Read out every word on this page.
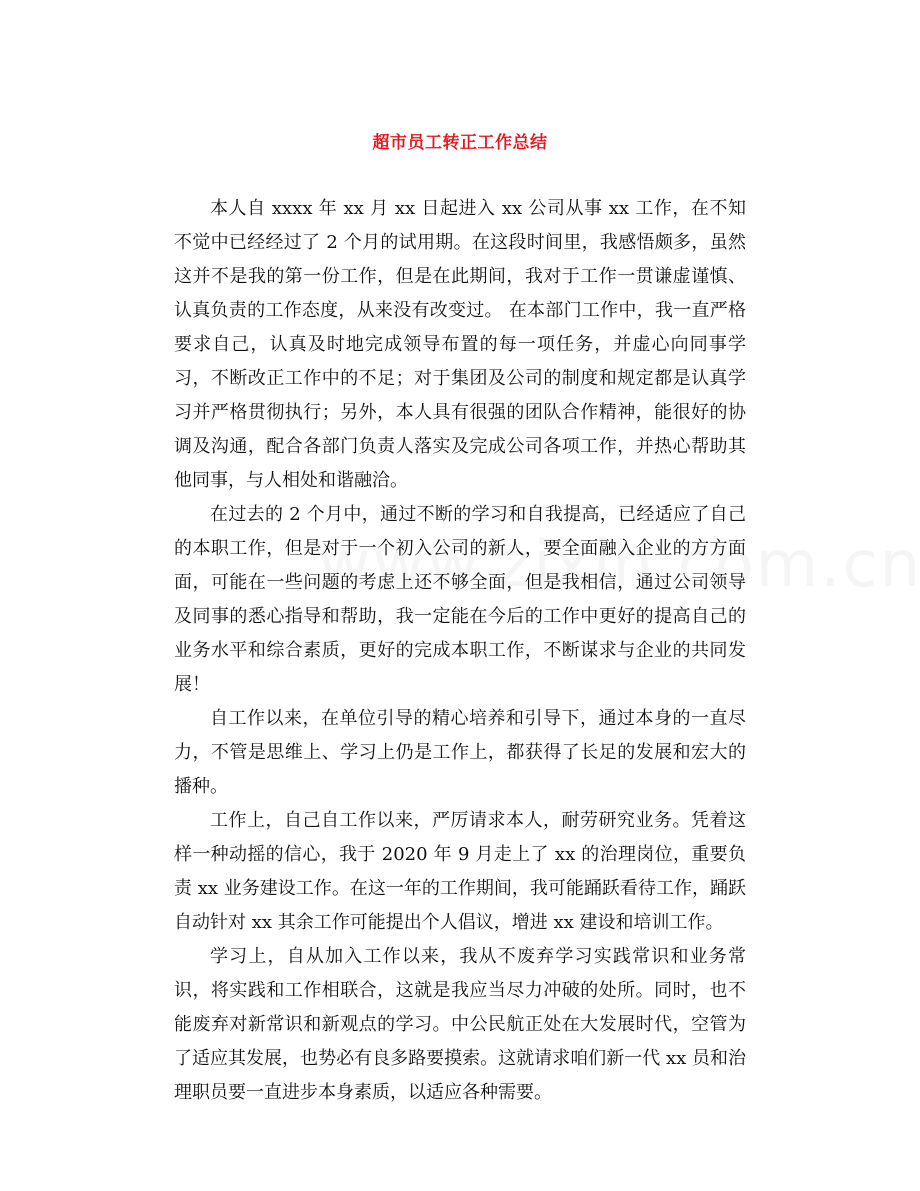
超市员工转正工作总结

本人自 xxxx 年 xx 月 xx 日起进入 xx 公司从事 xx 工作，在不知不觉中已经经过了 2 个月的试用期。在这段时间里，我感悟颇多，虽然这并不是我的第一份工作，但是在此期间，我对于工作一贯谦虚谨慎、认真负责的工作态度，从来没有改变过。 在本部门工作中，我一直严格要求自己，认真及时地完成领导布置的每一项任务，并虚心向同事学习，不断改正工作中的不足；对于集团及公司的制度和规定都是认真学习并严格贯彻执行；另外，本人具有很强的团队合作精神，能很好的协调及沟通，配合各部门负责人落实及完成公司各项工作，并热心帮助其他同事，与人相处和谐融洽。

在过去的 2 个月中，通过不断的学习和自我提高，已经适应了自己的本职工作，但是对于一个初入公司的新人，要全面融入企业的方方面面，可能在一些问题的考虑上还不够全面，但是我相信，通过公司领导及同事的悉心指导和帮助，我一定能在今后的工作中更好的提高自己的业务水平和综合素质，更好的完成本职工作，不断谋求与企业的共同发展！

自工作以来，在单位引导的精心培养和引导下，通过本身的一直尽力，不管是思维上、学习上仍是工作上，都获得了长足的发展和宏大的播种。

工作上，自己自工作以来，严厉请求本人，耐劳研究业务。凭着这样一种动摇的信心，我于 2020 年 9 月走上了 xx 的治理岗位，重要负责 xx 业务建设工作。在这一年的工作期间，我可能踊跃看待工作，踊跃自动针对 xx 其余工作可能提出个人倡议，增进 xx 建设和培训工作。

学习上，自从加入工作以来，我从不废弃学习实践常识和业务常识，将实践和工作相联合，这就是我应当尽力冲破的处所。同时，也不能废弃对新常识和新观点的学习。中公民航正处在大发展时代，空管为了适应其发展，也势必有良多路要摸索。这就请求咱们新一代 xx 员和治理职员要一直进步本身素质，以适应各种需要。
